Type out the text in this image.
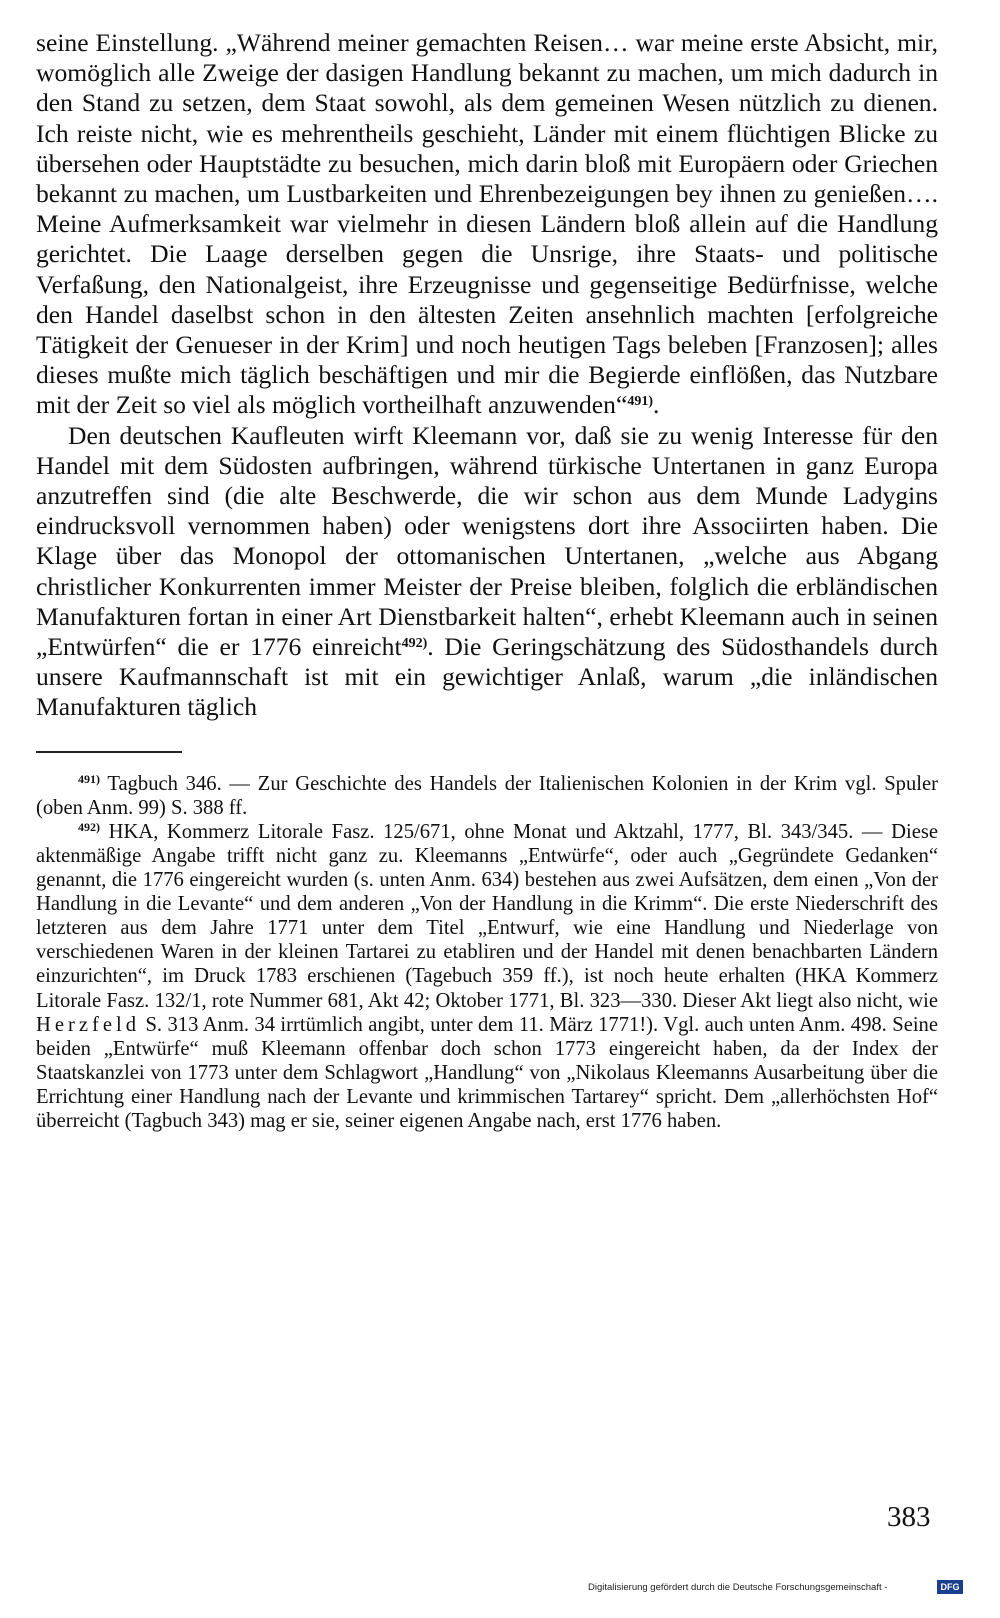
seine Einstellung. „Während meiner gemachten Reisen… war meine erste Absicht, mir, womöglich alle Zweige der dasigen Handlung bekannt zu machen, um mich dadurch in den Stand zu setzen, dem Staat sowohl, als dem gemeinen Wesen nützlich zu dienen. Ich reiste nicht, wie es mehrentheils geschieht, Länder mit einem flüchtigen Blicke zu übersehen oder Hauptstädte zu besuchen, mich darin bloß mit Europäern oder Griechen bekannt zu machen, um Lustbarkeiten und Ehrenbezeigungen bey ihnen zu genießen…. Meine Aufmerksamkeit war vielmehr in diesen Ländern bloß allein auf die Handlung gerichtet. Die Laage derselben gegen die Unsrige, ihre Staats- und politische Verfaßung, den Nationalgeist, ihre Erzeugnisse und gegenseitige Bedürfnisse, welche den Handel daselbst schon in den ältesten Zeiten ansehnlich machten [erfolgreiche Tätigkeit der Genueser in der Krim] und noch heutigen Tags beleben [Franzosen]; alles dieses mußte mich täglich beschäftigen und mir die Begierde einflößen, das Nutzbare mit der Zeit so viel als möglich vortheilhaft anzuwenden“$^{491)}$.

Den deutschen Kaufleuten wirft Kleemann vor, daß sie zu wenig Interesse für den Handel mit dem Südosten aufbringen, während türkische Untertanen in ganz Europa anzutreffen sind (die alte Beschwerde, die wir schon aus dem Munde Ladygins eindrucksvoll vernommen haben) oder wenigstens dort ihre Associirten haben. Die Klage über das Monopol der ottomanischen Untertanen, „welche aus Abgang christlicher Konkurrenten immer Meister der Preise bleiben, folglich die erbländischen Manufakturen fortan in einer Art Dienstbarkeit halten“, erhebt Kleemann auch in seinen „Entwürfen“ die er 1776 einreicht$^{492)}$. Die Geringschätzung des Südosthandels durch unsere Kaufmannschaft ist mit ein gewichtiger Anlaß, warum „die inländischen Manufakturen täglich

$^{491)}$ Tagbuch 346. — Zur Geschichte des Handels der Italienischen Kolonien in der Krim vgl. Spuler (oben Anm. 99) S. 388 ff.

$^{492)}$ HKA, Kommerz Litorale Fasz. 125/671, ohne Monat und Aktzahl, 1777, Bl. 343/345. — Diese aktenmäßige Angabe trifft nicht ganz zu. Kleemanns „Entwürfe“, oder auch „Gegründete Gedanken“ genannt, die 1776 eingereicht wurden (s. unten Anm. 634) bestehen aus zwei Aufsätzen, dem einen „Von der Handlung in die Levante“ und dem anderen „Von der Handlung in die Krimm“. Die erste Niederschrift des letzteren aus dem Jahre 1771 unter dem Titel „Entwurf, wie eine Handlung und Niederlage von verschiedenen Waren in der kleinen Tartarei zu etabliren und der Handel mit denen benachbarten Ländern einzurichten“, im Druck 1783 erschienen (Tagebuch 359 ff.), ist noch heute erhalten (HKA Kommerz Litorale Fasz. 132/1, rote Nummer 681, Akt 42; Oktober 1771, Bl. 323—330. Dieser Akt liegt also nicht, wie Herzfeld S. 313 Anm. 34 irrtümlich angibt, unter dem 11. März 1771!). Vgl. auch unten Anm. 498. Seine beiden „Entwürfe“ muß Kleemann offenbar doch schon 1773 eingereicht haben, da der Index der Staatskanzlei von 1773 unter dem Schlagwort „Handlung“ von „Nikolaus Kleemanns Ausarbeitung über die Errichtung einer Handlung nach der Levante und krimmischen Tartarey“ spricht. Dem „allerhöchsten Hof“ überreicht (Tagbuch 343) mag er sie, seiner eigenen Angabe nach, erst 1776 haben.

383
Digitalisierung gefördert durch die Deutsche Forschungsgemeinschaft -	DFG
